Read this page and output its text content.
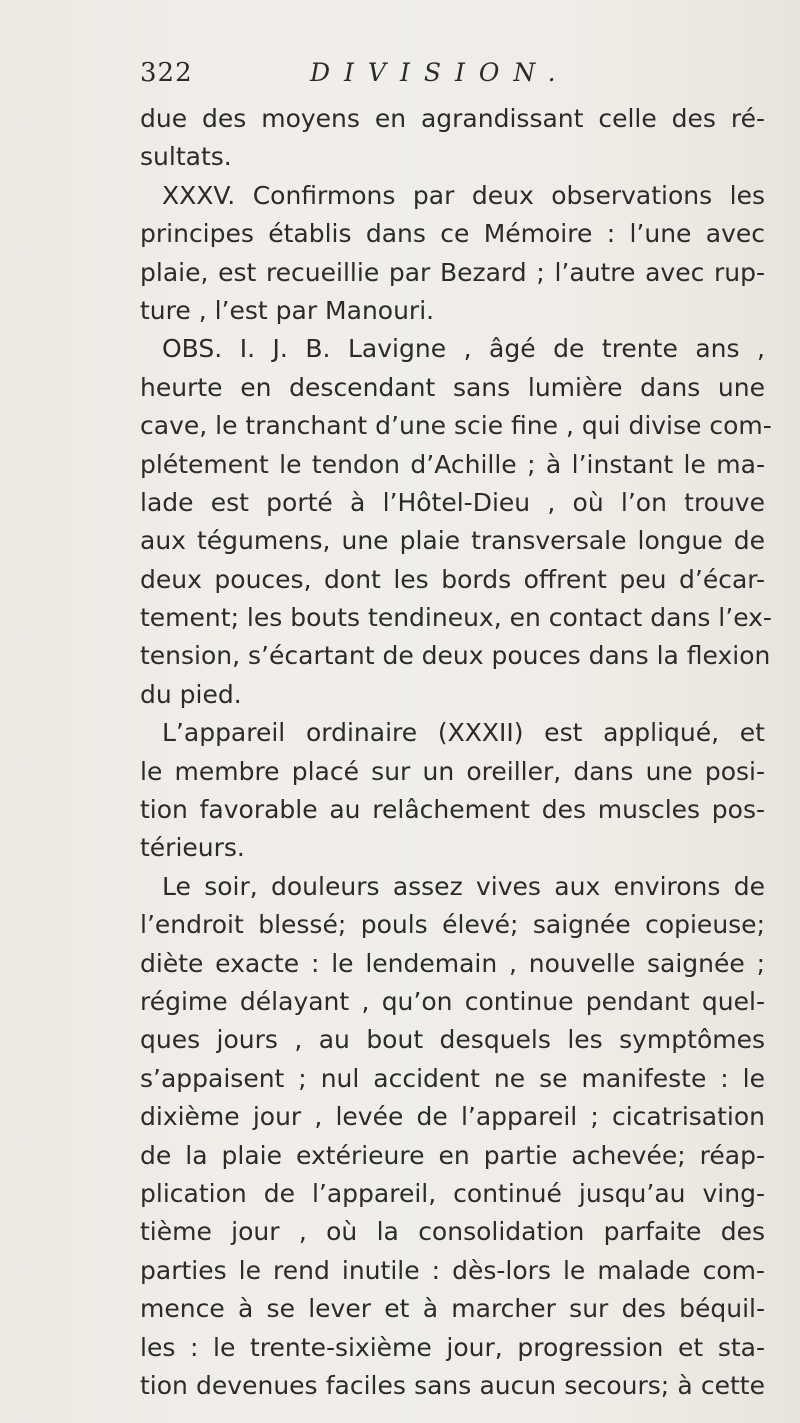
322	DIVISION.
due des moyens en agrandissant celle des ré-
sultats.
XXXV. Confirmons par deux observations les
principes établis dans ce Mémoire : l’une avec
plaie, est recueillie par Bezard ; l’autre avec rup-
ture , l’est par Manouri.
OBS. I. J. B. Lavigne , âgé de trente ans ,
heurte en descendant sans lumière dans une
cave, le tranchant d’une scie fine , qui divise com-
plétement le tendon d’Achille ; à l’instant le ma-
lade est porté à l’Hôtel-Dieu , où l’on trouve
aux tégumens, une plaie transversale longue de
deux pouces, dont les bords offrent peu d’écar-
tement; les bouts tendineux, en contact dans l’ex-
tension, s’écartant de deux pouces dans la flexion
du pied.
L’appareil ordinaire (XXXII) est appliqué, et
le membre placé sur un oreiller, dans une posi-
tion favorable au relâchement des muscles pos-
térieurs.
Le soir, douleurs assez vives aux environs de
l’endroit blessé; pouls élevé; saignée copieuse;
diète exacte : le lendemain , nouvelle saignée ;
régime délayant , qu’on continue pendant quel-
ques jours , au bout desquels les symptômes
s’appaisent ; nul accident ne se manifeste : le
dixième jour , levée de l’appareil ; cicatrisation
de la plaie extérieure en partie achevée; réap-
plication de l’appareil, continué jusqu’au ving-
tième jour , où la consolidation parfaite des
parties le rend inutile : dès-lors le malade com-
mence à se lever et à marcher sur des béquil-
les : le trente-sixième jour, progression et sta-
tion devenues faciles sans aucun secours; à cette
